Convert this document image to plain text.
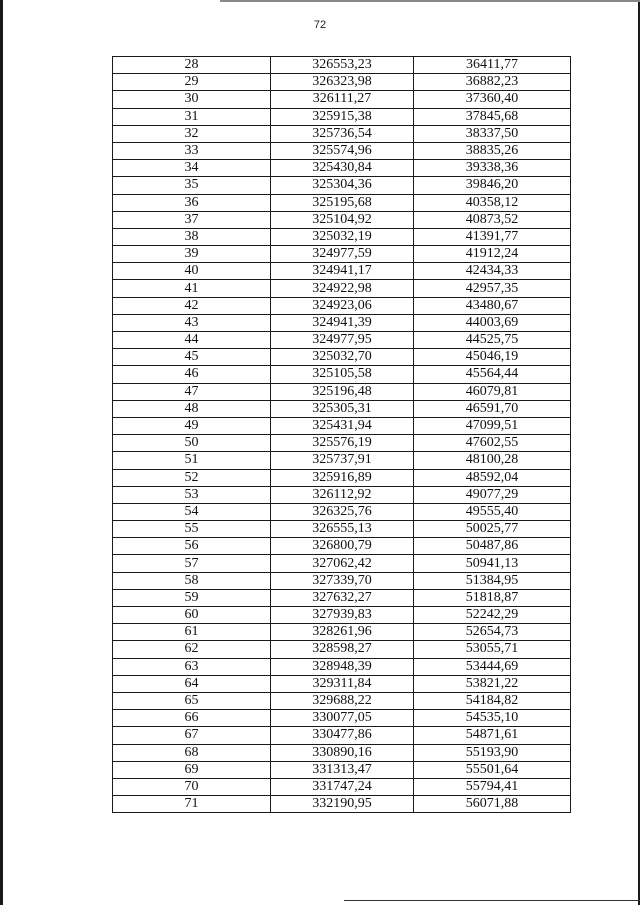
72
28	326553,23	36411,77
29	326323,98	36882,23
30	326111,27	37360,40
31	325915,38	37845,68
32	325736,54	38337,50
33	325574,96	38835,26
34	325430,84	39338,36
35	325304,36	39846,20
36	325195,68	40358,12
37	325104,92	40873,52
38	325032,19	41391,77
39	324977,59	41912,24
40	324941,17	42434,33
41	324922,98	42957,35
42	324923,06	43480,67
43	324941,39	44003,69
44	324977,95	44525,75
45	325032,70	45046,19
46	325105,58	45564,44
47	325196,48	46079,81
48	325305,31	46591,70
49	325431,94	47099,51
50	325576,19	47602,55
51	325737,91	48100,28
52	325916,89	48592,04
53	326112,92	49077,29
54	326325,76	49555,40
55	326555,13	50025,77
56	326800,79	50487,86
57	327062,42	50941,13
58	327339,70	51384,95
59	327632,27	51818,87
60	327939,83	52242,29
61	328261,96	52654,73
62	328598,27	53055,71
63	328948,39	53444,69
64	329311,84	53821,22
65	329688,22	54184,82
66	330077,05	54535,10
67	330477,86	54871,61
68	330890,16	55193,90
69	331313,47	55501,64
70	331747,24	55794,41
71	332190,95	56071,88
